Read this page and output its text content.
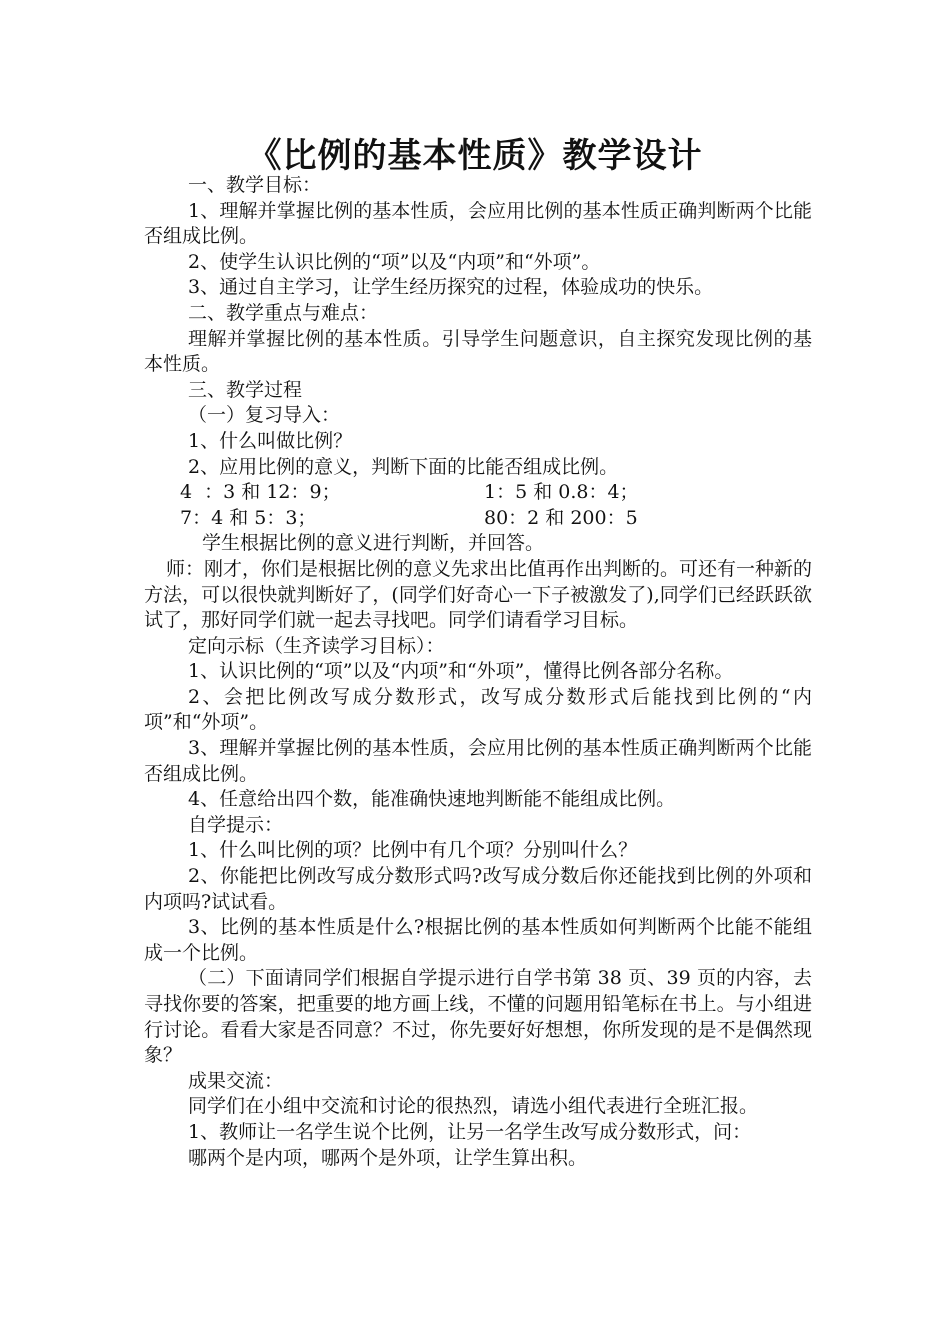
《比例的基本性质》教学设计

一、教学目标：

1、理解并掌握比例的基本性质，会应用比例的基本性质正确判断两个比能否组成比例。

2、使学生认识比例的“项”以及“内项”和“外项”。

3、通过自主学习，让学生经历探究的过程，体验成功的快乐。

二、教学重点与难点：

理解并掌握比例的基本性质。引导学生问题意识，自主探究发现比例的基本性质。

三、教学过程

（一）复习导入：

1、什么叫做比例？

2、应用比例的意义，判断下面的比能否组成比例。

4  ：3 和 12：9；	1：5 和 0.8：4；
7：4 和 5：3；	80：2 和 200：5

学生根据比例的意义进行判断，并回答。

师：刚才，你们是根据比例的意义先求出比值再作出判断的。可还有一种新的方法，可以很快就判断好了，(同学们好奇心一下子被激发了),同学们已经跃跃欲试了，那好同学们就一起去寻找吧。同学们请看学习目标。

定向示标（生齐读学习目标）：

1、认识比例的“项”以及“内项”和“外项”，懂得比例各部分名称。

2、会把比例改写成分数形式，改写成分数形式后能找到比例的“内项”和“外项”。

3、理解并掌握比例的基本性质，会应用比例的基本性质正确判断两个比能否组成比例。

4、任意给出四个数，能准确快速地判断能不能组成比例。

自学提示：

1、什么叫比例的项？比例中有几个项？分别叫什么？

2、你能把比例改写成分数形式吗?改写成分数后你还能找到比例的外项和内项吗?试试看。

3、比例的基本性质是什么?根据比例的基本性质如何判断两个比能不能组成一个比例。

（二）下面请同学们根据自学提示进行自学书第 38 页、39 页的内容，去寻找你要的答案，把重要的地方画上线，不懂的问题用铅笔标在书上。与小组进行讨论。看看大家是否同意？不过，你先要好好想想，你所发现的是不是偶然现象？

成果交流：

同学们在小组中交流和讨论的很热烈，请选小组代表进行全班汇报。

1、教师让一名学生说个比例，让另一名学生改写成分数形式，问：

哪两个是内项，哪两个是外项，让学生算出积。
